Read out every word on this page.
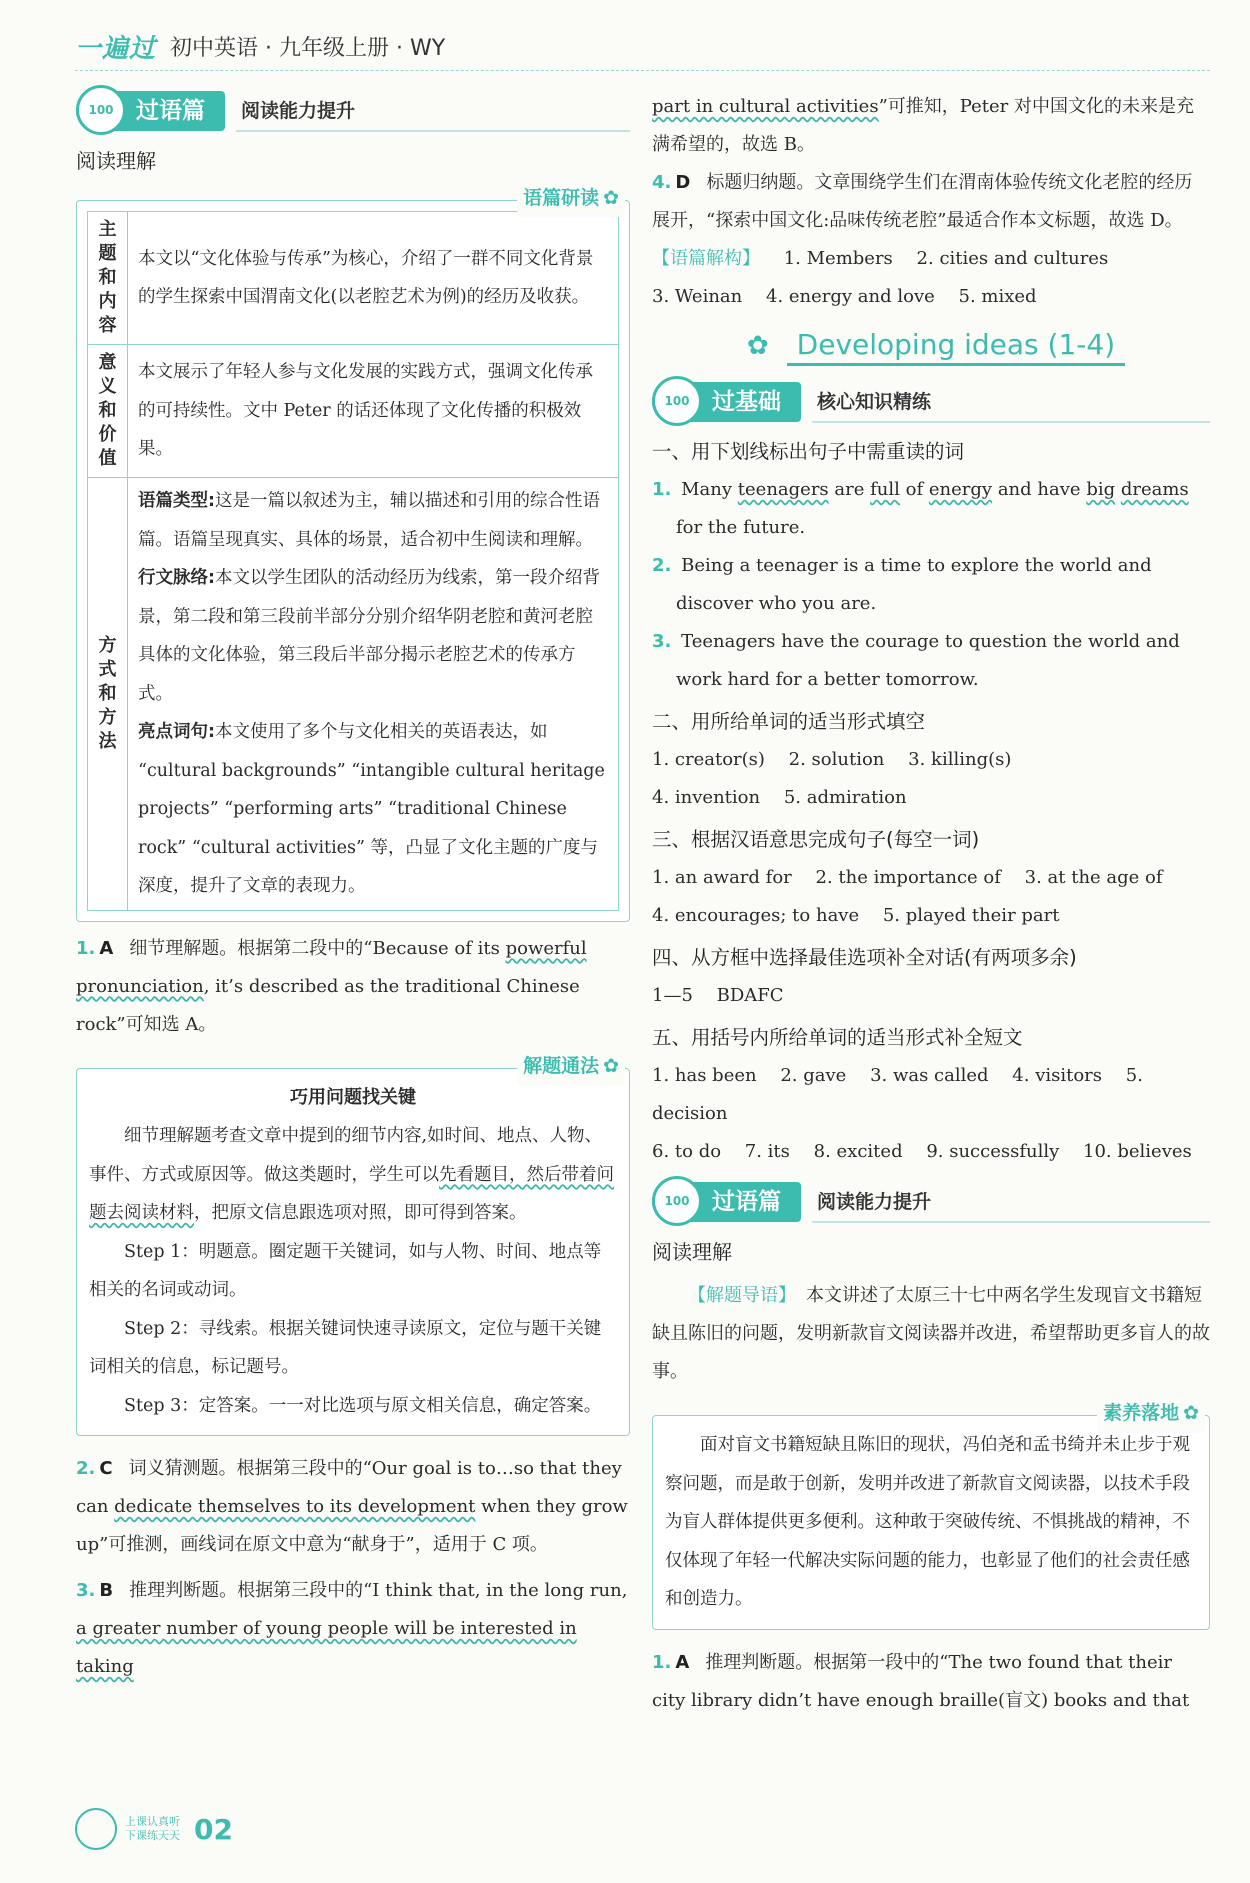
一遍过 初中英语 · 九年级上册 · WY
100 过语篇 阅读能力提升
阅读理解
语篇研读 ✿
主题和内容	本文以“文化体验与传承”为核心，介绍了一群不同文化背景的学生探索中国渭南文化(以老腔艺术为例)的经历及收获。
意义和价值	本文展示了年轻人参与文化发展的实践方式，强调文化传承的可持续性。文中 Peter 的话还体现了文化传播的积极效果。
方式和方法	语篇类型:这是一篇以叙述为主，辅以描述和引用的综合性语篇。语篇呈现真实、具体的场景，适合初中生阅读和理解。
行文脉络:本文以学生团队的活动经历为线索，第一段介绍背景，第二段和第三段前半部分分别介绍华阴老腔和黄河老腔具体的文化体验，第三段后半部分揭示老腔艺术的传承方式。
亮点词句:本文使用了多个与文化相关的英语表达，如 “cultural backgrounds” “intangible cultural heritage projects” “performing arts” “traditional Chinese rock” “cultural activities” 等，凸显了文化主题的广度与深度，提升了文章的表现力。
1. A 细节理解题。根据第二段中的“Because of its powerful pronunciation, it’s described as the traditional Chinese rock”可知选 A。
解题通法 ✿
巧用问题找关键
细节理解题考查文章中提到的细节内容,如时间、地点、人物、事件、方式或原因等。做这类题时，学生可以先看题目，然后带着问题去阅读材料，把原文信息跟选项对照，即可得到答案。
Step 1：明题意。圈定题干关键词，如与人物、时间、地点等相关的名词或动词。
Step 2：寻线索。根据关键词快速寻读原文，定位与题干关键词相关的信息，标记题号。
Step 3：定答案。一一对比选项与原文相关信息，确定答案。
2. C 词义猜测题。根据第三段中的“Our goal is to…so that they can dedicate themselves to its development when they grow up”可推测，画线词在原文中意为“献身于”，适用于 C 项。
3. B 推理判断题。根据第三段中的“I think that, in the long run, a greater number of young people will be interested in taking
part in cultural activities”可推知，Peter 对中国文化的未来是充满希望的，故选 B。
4. D 标题归纳题。文章围绕学生们在渭南体验传统文化老腔的经历展开，“探索中国文化:品味传统老腔”最适合作本文标题，故选 D。
【语篇解构】 1. Members 2. cities and cultures
3. Weinan 4. energy and love 5. mixed
✿ Developing ideas (1-4)
100 过基础 核心知识精练
一、用下划线标出句子中需重读的词
1. Many teenagers are full of energy and have big dreams for the future.
2. Being a teenager is a time to explore the world and discover who you are.
3. Teenagers have the courage to question the world and work hard for a better tomorrow.
二、用所给单词的适当形式填空
1. creator(s) 2. solution 3. killing(s)
4. invention 5. admiration
三、根据汉语意思完成句子(每空一词)
1. an award for 2. the importance of 3. at the age of
4. encourages; to have 5. played their part
四、从方框中选择最佳选项补全对话(有两项多余)
1—5 BDAFC
五、用括号内所给单词的适当形式补全短文
1. has been 2. gave 3. was called 4. visitors 5. decision
6. to do 7. its 8. excited 9. successfully 10. believes
100 过语篇 阅读能力提升
阅读理解
【解题导语】 本文讲述了太原三十七中两名学生发现盲文书籍短缺且陈旧的问题，发明新款盲文阅读器并改进，希望帮助更多盲人的故事。
素养落地 ✿
面对盲文书籍短缺且陈旧的现状，冯伯尧和孟书绮并未止步于观察问题，而是敢于创新，发明并改进了新款盲文阅读器，以技术手段为盲人群体提供更多便利。这种敢于突破传统、不惧挑战的精神，不仅体现了年轻一代解决实际问题的能力，也彰显了他们的社会责任感和创造力。
1. A 推理判断题。根据第一段中的“The two found that their city library didn’t have enough braille(盲文) books and that
上课认真听
下课练天天 02
